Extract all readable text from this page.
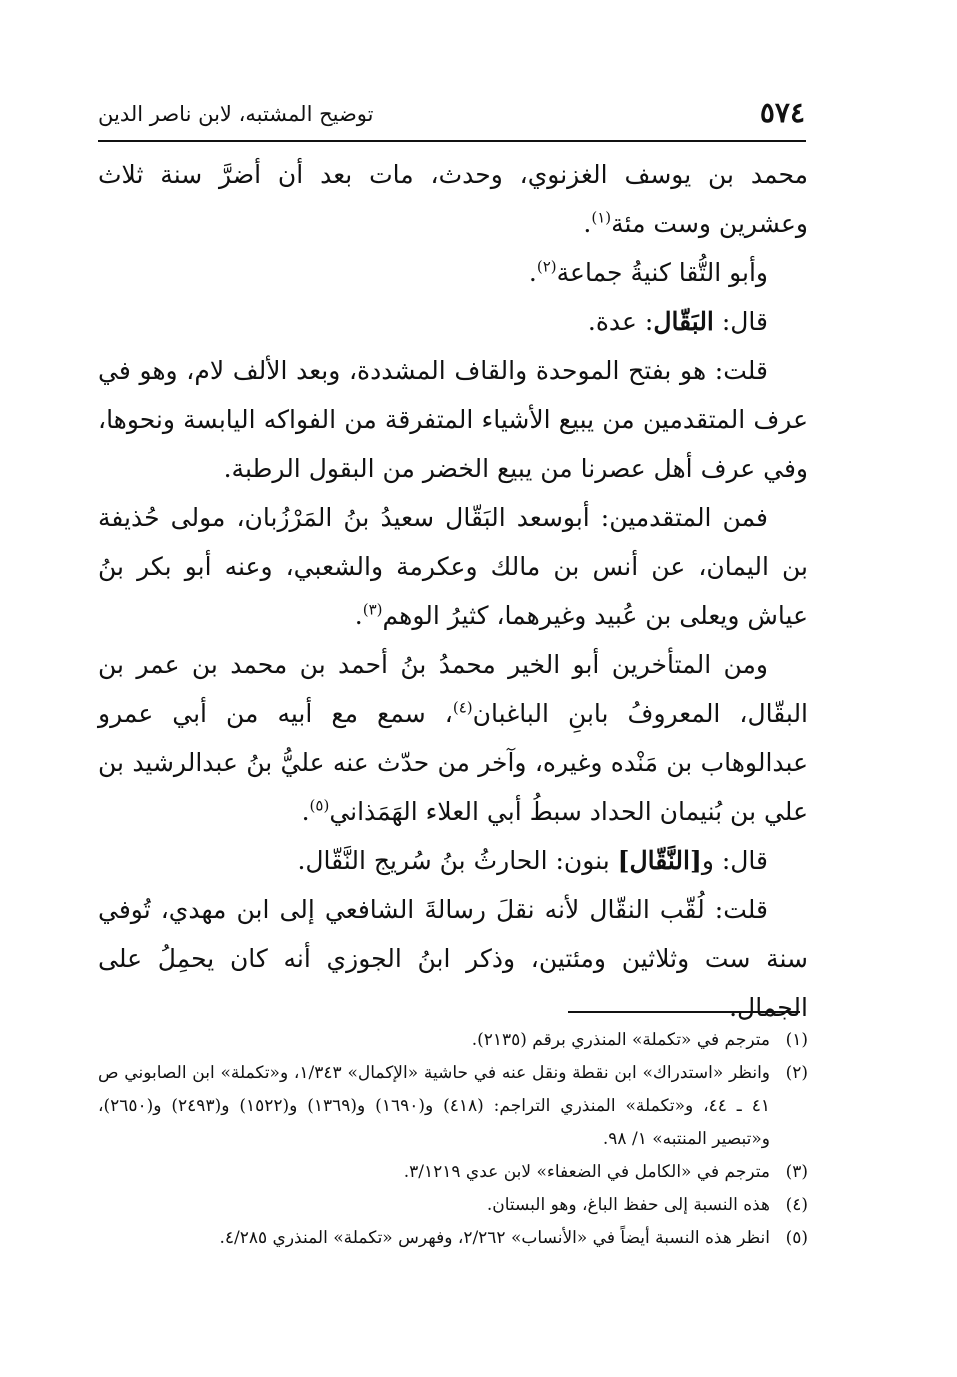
٥٧٤
توضيح المشتبه، لابن ناصر الدين

محمد بن يوسف الغزنوي، وحدث، مات بعد أن أضرَّ سنة ثلاث وعشرين وست مئة$^{(١)}$.

وأبو التُّقا كنيةُ جماعة$^{(٢)}$.

قال: البَقّال: عدة.

قلت: هو بفتح الموحدة والقاف المشددة، وبعد الألف لام، وهو في عرف المتقدمين من يبيع الأشياء المتفرقة من الفواكه اليابسة ونحوها، وفي عرف أهل عصرنا من يبيع الخضر من البقول الرطبة.

فمن المتقدمين: أبوسعد البَقّال سعيدُ بنُ المَرْزُبان، مولى حُذيفة بن اليمان، عن أنس بن مالك وعكرمة والشعبي، وعنه أبو بكر بنُ عياش ويعلى بن عُبيد وغيرهما، كثيرُ الوهم$^{(٣)}$.

ومن المتأخرين أبو الخير محمدُ بنُ أحمد بن محمد بن عمر بن البقّال، المعروفُ بابنِ الباغبان$^{(٤)}$، سمع مع أبيه من أبي عمرو عبدالوهاب بن مَنْده وغيره، وآخر من حدّث عنه عليُّ بنُ عبدالرشيد بن علي بن بُنيمان الحداد سبطُ أبي العلاء الهَمَذاني$^{(٥)}$.

قال: و[النَّقّال] بنون: الحارثُ بنُ سُريج النَّقّال.

قلت: لُقّب النقّال لأنه نقلَ رسالةَ الشافعي إلى ابن مهدي، تُوفي سنة ست وثلاثين ومئتين، وذكر ابنُ الجوزي أنه كان يحمِلُ على الجمال.

(١)
مترجم في «تكملة» المنذري برقم (٢١٣٥).

(٢)
وانظر «استدراك» ابن نقطة ونقل عنه في حاشية «الإكمال» ١/٣٤٣، و«تكملة» ابن الصابوني ص ٤١ ـ ٤٤، و«تكملة» المنذري التراجم: (٤١٨) و(١٦٩٠) و(١٣٦٩) و(١٥٢٢) و(٢٤٩٣) و(٢٦٥٠)، و«تبصير المنتبه» ١/ ٩٨.

(٣)
مترجم في «الكامل في الضعفاء» لابن عدي ٣/١٢١٩.

(٤)
هذه النسبة إلى حفظ الباغ، وهو البستان.

(٥)
انظر هذه النسبة أيضاً في «الأنساب» ٢/٢٦٢، وفهرس «تكملة» المنذري ٤/٢٨٥.
